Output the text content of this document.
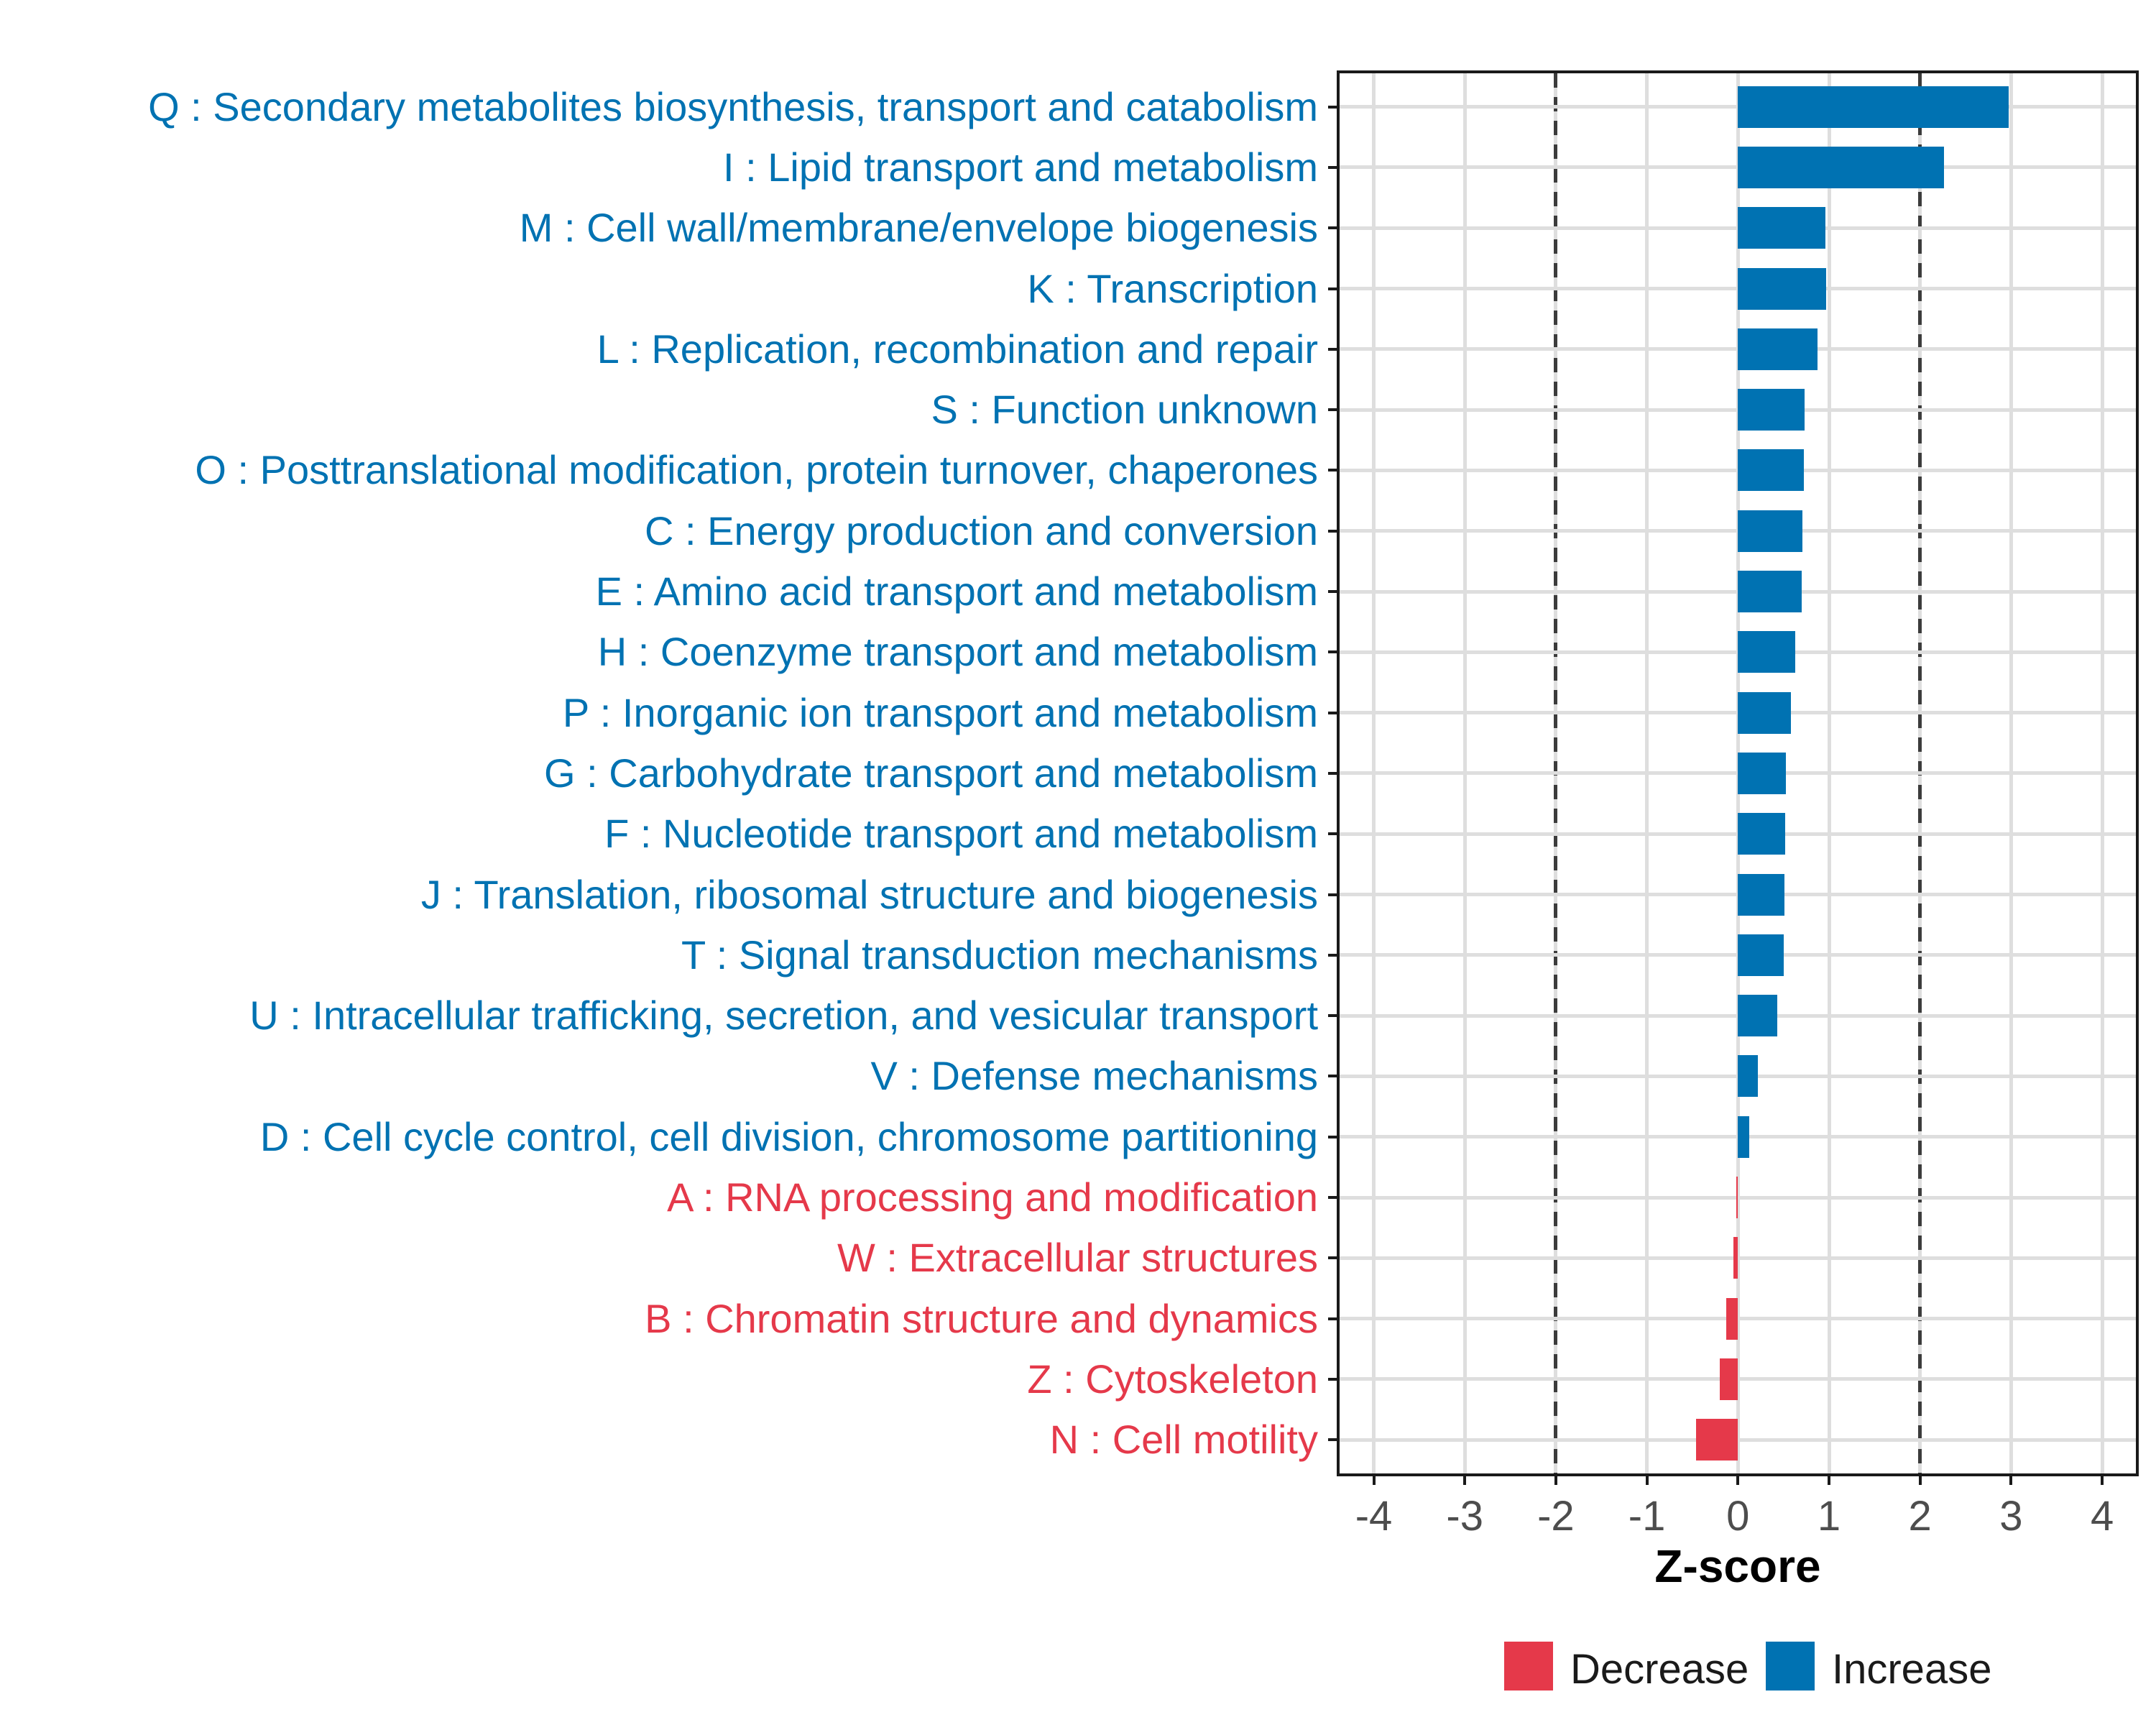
Q : Secondary metabolites biosynthesis, transport and catabolism
I : Lipid transport and metabolism
M : Cell wall/membrane/envelope biogenesis
K : Transcription
L : Replication, recombination and repair
S : Function unknown
O : Posttranslational modification, protein turnover, chaperones
C : Energy production and conversion
E : Amino acid transport and metabolism
H : Coenzyme transport and metabolism
P : Inorganic ion transport and metabolism
G : Carbohydrate transport and metabolism
F : Nucleotide transport and metabolism
J : Translation, ribosomal structure and biogenesis
T : Signal transduction mechanisms
U : Intracellular trafficking, secretion, and vesicular transport
V : Defense mechanisms
D : Cell cycle control, cell division, chromosome partitioning
A : RNA processing and modification
W : Extracellular structures
B : Chromatin structure and dynamics
Z : Cytoskeleton
N : Cell motility
-4	-3	-2	-1	0	1	2	3	4
Z-score
Decrease Increase
